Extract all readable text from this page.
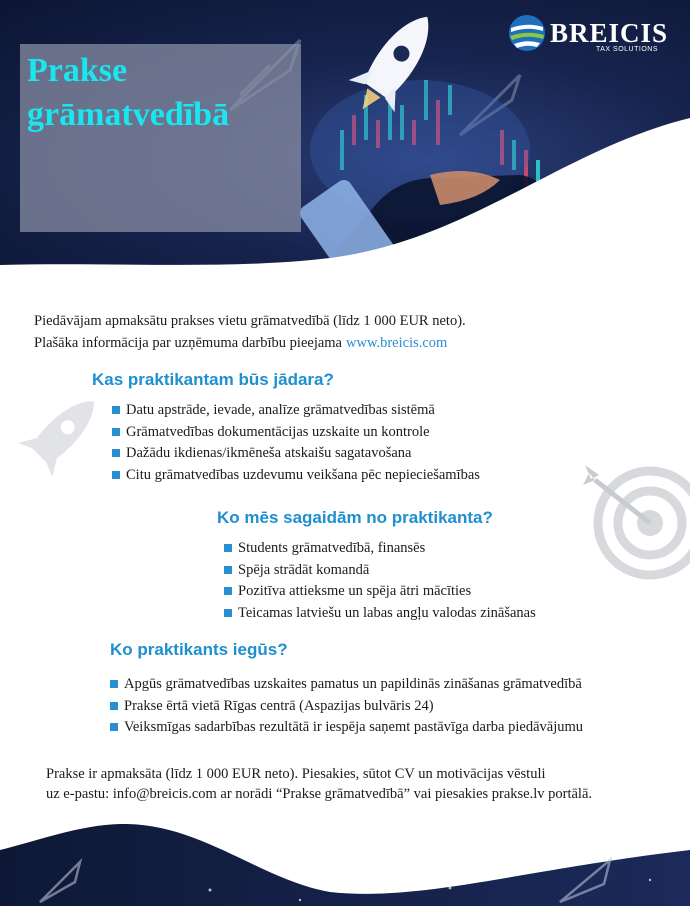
Prakse
grāmatvedībā
BREICIS
TAX SOLUTIONS
Piedāvājam apmaksātu prakses vietu grāmatvedībā (līdz 1 000 EUR neto).
Plašāka informācija par uzņēmuma darbību pieejama www.breicis.com
Kas praktikantam būs jādara?
Datu apstrāde, ievade, analīze grāmatvedības sistēmā
Grāmatvedības dokumentācijas uzskaite un kontrole
Dažādu ikdienas/ikmēneša atskaišu sagatavošana
Citu grāmatvedības uzdevumu veikšana pēc nepieciešamības
Ko mēs sagaidām no praktikanta?
Students grāmatvedībā, finansēs
Spēja strādāt komandā
Pozitīva attieksme un spēja ātri mācīties
Teicamas latviešu un labas angļu valodas zināšanas
Ko praktikants iegūs?
Apgūs grāmatvedības uzskaites pamatus un papildinās zināšanas grāmatvedībā
Prakse ērtā vietā Rīgas centrā (Aspazijas bulvāris 24)
Veiksmīgas sadarbības rezultātā ir iespēja saņemt pastāvīga darba piedāvājumu
Prakse ir apmaksāta (līdz 1 000 EUR neto). Piesakies, sūtot CV un motivācijas vēstuli
uz e-pastu: info@breicis.com ar norādi “Prakse grāmatvedībā” vai piesakies prakse.lv portālā.
